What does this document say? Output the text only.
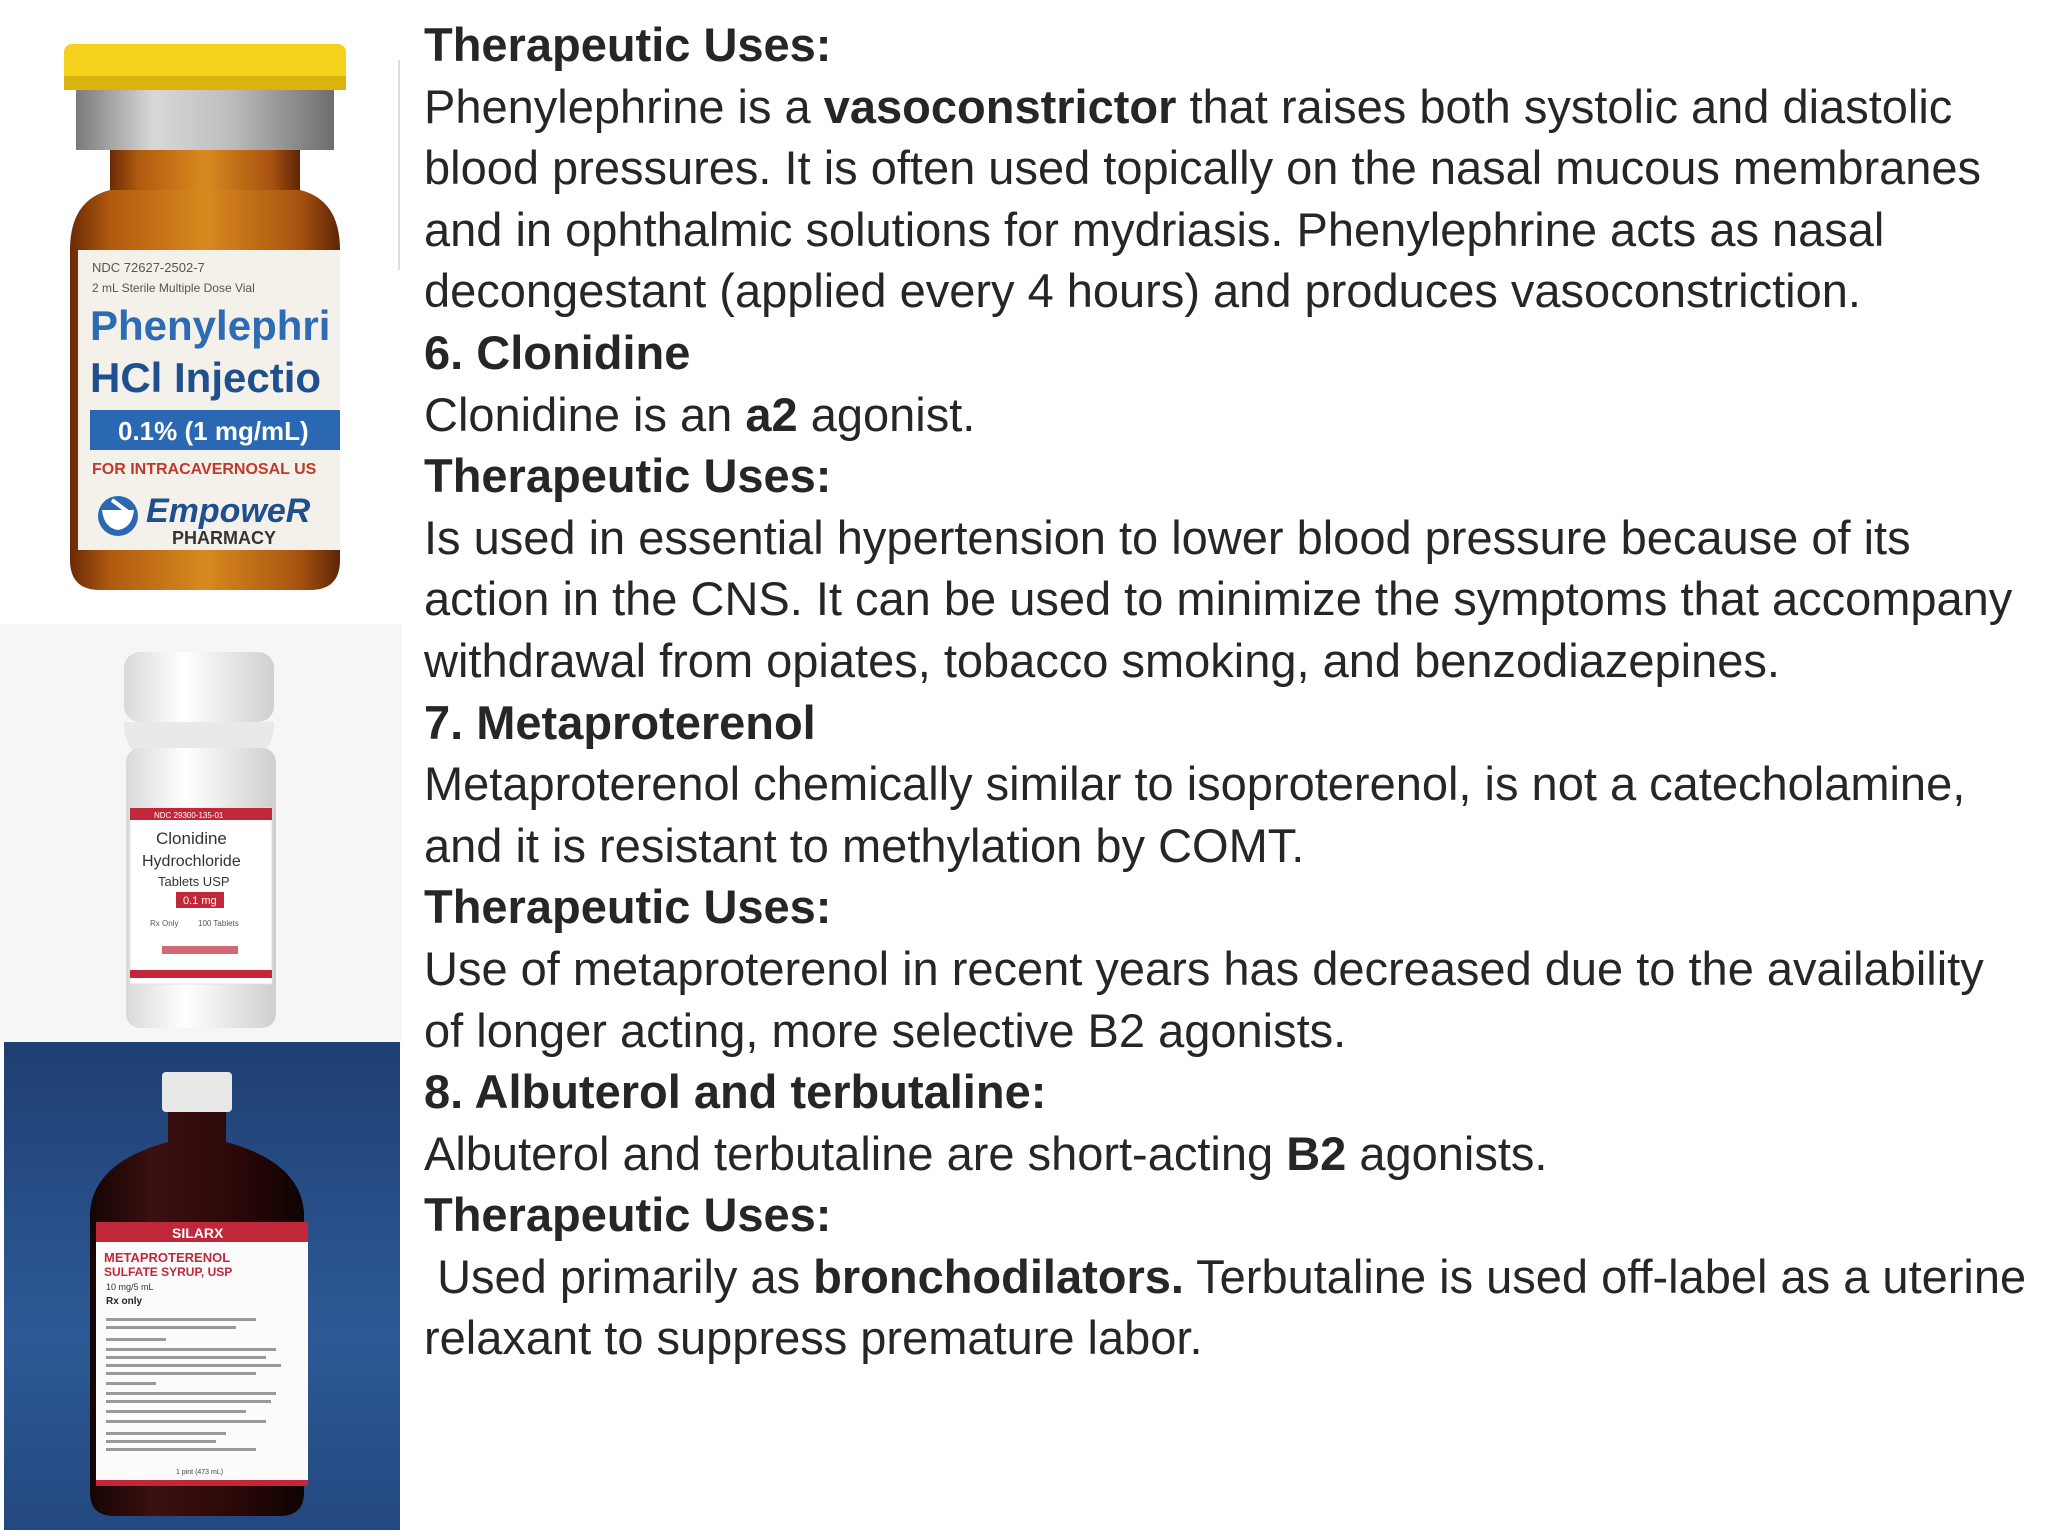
NDC 72627-2502-7
2 mL Sterile Multiple Dose Vial
Phenylephri
HCl Injectio
0.1% (1 mg/mL)
FOR INTRACAVERNOSAL US
EmpoweR
PHARMACY
NDC 29300-135-01
Clonidine
Hydrochloride
Tablets USP
0.1 mg
Rx Only 100 Tablets
SILARX
METAPROTERENOL
SULFATE SYRUP, USP
10 mg/5 mL
Rx only
1 pint (473 mL)

Therapeutic Uses:

Phenylephrine is a vasoconstrictor that raises both systolic and diastolic blood pressures. It is often used topically on the nasal mucous membranes and in ophthalmic solutions for mydriasis. Phenylephrine acts as nasal decongestant (applied every 4 hours) and produces vasoconstriction.

6. Clonidine

Clonidine is an a2 agonist.

Therapeutic Uses:

Is used in essential hypertension to lower blood pressure because of its action in the CNS. It can be used to minimize the symptoms that accompany withdrawal from opiates, tobacco smoking, and benzodiazepines.

7. Metaproterenol

Metaproterenol chemically similar to isoproterenol, is not a catecholamine, and it is resistant to methylation by COMT.

Therapeutic Uses:

Use of metaproterenol in recent years has decreased due to the availability of longer acting, more selective B2 agonists.

8. Albuterol and terbutaline:

Albuterol and terbutaline are short-acting B2 agonists.

Therapeutic Uses:

Used primarily as bronchodilators. Terbutaline is used off-label as a uterine relaxant to suppress premature labor.
